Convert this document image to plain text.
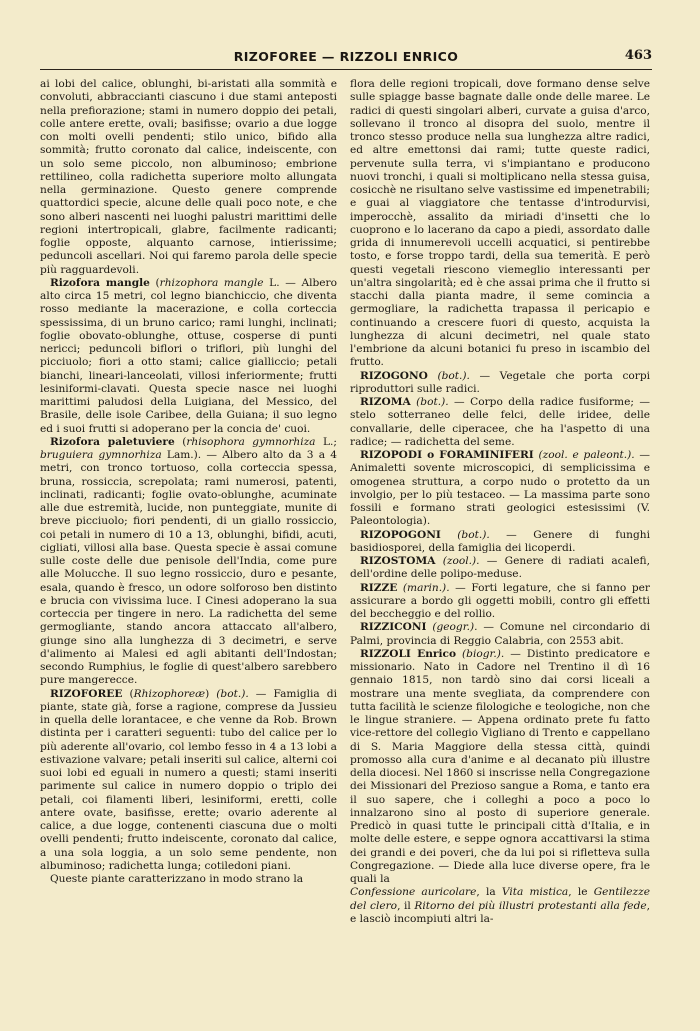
RIZOFOREE — RIZZOLI ENRICO	463

ai lobi del calice, oblunghi, bi-aristati alla sommità e convoluti, abbraccianti ciascuno i due stami anteposti nella prefiorazione; stami in numero doppio dei petali, colle antere erette, ovali; basifisse; ovario a due logge con molti ovelli pendenti; stilo unico, bifido alla sommità; frutto coronato dal calice, indeiscente, con un solo seme piccolo, non albuminoso; embrione rettilineo, colla radichetta superiore molto allungata nella germinazione. Questo genere comprende quattordici specie, alcune delle quali poco note, e che sono alberi nascenti nei luoghi palustri marittimi delle regioni intertropicali, glabre, facilmente radicanti; foglie opposte, alquanto carnose, intierissime; peduncoli ascellari. Noi qui faremo parola delle specie più ragguardevoli.

Rizofora mangle (rhizophora mangle L. — Albero alto circa 15 metri, col legno bianchiccio, che diventa rosso mediante la macerazione, e colla corteccia spessissima, di un bruno carico; rami lunghi, inclinati; foglie obovato-oblunghe, ottuse, cosperse di punti nericci; peduncoli biflori o triflori, più lunghi del picciuolo; fiori a otto stami; calice gialliccio; petali bianchi, lineari-lanceolati, villosi inferiormente; frutti lesiniformi-clavati. Questa specie nasce nei luoghi marittimi paludosi della Luigiana, del Messico, del Brasile, delle isole Caribee, della Guiana; il suo legno ed i suoi frutti si adoperano per la concia de' cuoi.

Rizofora paletuviere (rhisophora gymnorhiza L.; bruguiera gymnorhiza Lam.). — Albero alto da 3 a 4 metri, con tronco tortuoso, colla corteccia spessa, bruna, rossiccia, screpolata; rami numerosi, patenti, inclinati, radicanti; foglie ovato-oblunghe, acuminate alle due estremità, lucide, non punteggiate, munite di breve picciuolo; fiori pendenti, di un giallo rossiccio, coi petali in numero di 10 a 13, oblunghi, bifidi, acuti, cigliati, villosi alla base. Questa specie è assai comune sulle coste delle due penisole dell'India, come pure alle Molucche. Il suo legno rossiccio, duro e pesante, esala, quando è fresco, un odore solforoso ben distinto e brucia con vivissima luce. I Cinesi adoperano la sua corteccia per tingere in nero. La radichetta del seme germogliante, stando ancora attaccato all'albero, giunge sino alla lunghezza di 3 decimetri, e serve d'alimento ai Malesi ed agli abitanti dell'Indostan; secondo Rumphius, le foglie di quest'albero sarebbero pure mangerecce.

RIZOFOREE (Rhizophoreæ) (bot.). — Famiglia di piante, state già, forse a ragione, comprese da Jussieu in quella delle lorantacee, e che venne da Rob. Brown distinta per i caratteri seguenti: tubo del calice per lo più aderente all'ovario, col lembo fesso in 4 a 13 lobi a estivazione valvare; petali inseriti sul calice, alterni coi suoi lobi ed eguali in numero a questi; stami inseriti parimente sul calice in numero doppio o triplo dei petali, coi filamenti liberi, lesiniformi, eretti, colle antere ovate, basifisse, erette; ovario aderente al calice, a due logge, contenenti ciascuna due o molti ovelli pendenti; frutto indeiscente, coronato dal calice, a una sola loggia, a un solo seme pendente, non albuminoso; radichetta lunga; cotiledoni piani.

Queste piante caratterizzano in modo strano la

flora delle regioni tropicali, dove formano dense selve sulle spiagge basse bagnate dalle onde delle maree. Le radici di questi singolari alberi, curvate a guisa d'arco, sollevano il tronco al disopra del suolo, mentre il tronco stesso produce nella sua lunghezza altre radici, ed altre emettonsi dai rami; tutte queste radici, pervenute sulla terra, vi s'impiantano e producono nuovi tronchi, i quali si moltiplicano nella stessa guisa, cosicchè ne risultano selve vastissime ed impenetrabili; e guai al viaggiatore che tentasse d'introdurvisi, imperocchè, assalito da miriadi d'insetti che lo cuoprono e lo lacerano da capo a piedi, assordato dalle grida di innumerevoli uccelli acquatici, si pentirebbe tosto, e forse troppo tardi, della sua temerità. E però questi vegetali riescono viemeglio interessanti per un'altra singolarità; ed è che assai prima che il frutto si stacchi dalla pianta madre, il seme comincia a germogliare, la radichetta trapassa il pericapio e continuando a crescere fuori di questo, acquista la lunghezza di alcuni decimetri, nel quale stato l'embrione da alcuni botanici fu preso in iscambio del frutto.

RIZOGONO (bot.). — Vegetale che porta corpi riproduttori sulle radici.

RIZOMA (bot.). — Corpo della radice fusiforme; — stelo sotterraneo delle felci, delle iridee, delle convallarie, delle ciperacee, che ha l'aspetto di una radice; — radichetta del seme.

RIZOPODI o FORAMINIFERI (zool. e paleont.). — Animaletti sovente microscopici, di semplicissima e omogenea struttura, a corpo nudo o protetto da un involgio, per lo più testaceo. — La massima parte sono fossili e formano strati geologici estesissimi (V. Paleontologia).

RIZOPOGONI (bot.). — Genere di funghi basidiosporei, della famiglia dei licoperdi.

RIZOSTOMA (zool.). — Genere di radiati acalefi, dell'ordine delle polipo-meduse.

RIZZE (marin.). — Forti legature, che si fanno per assicurare a bordo gli oggetti mobili, contro gli effetti del beccheggio e del rollio.

RIZZICONI (geogr.). — Comune nel circondario di Palmi, provincia di Reggio Calabria, con 2553 abit.

RIZZOLI Enrico (biogr.). — Distinto predicatore e missionario. Nato in Cadore nel Trentino il dì 16 gennaio 1815, non tardò sino dai corsi liceali a mostrare una mente svegliata, da comprendere con tutta facilità le scienze filologiche e teologiche, non che le lingue straniere. — Appena ordinato prete fu fatto vice-rettore del collegio Vigliano di Trento e cappellano di S. Maria Maggiore della stessa città, quindi promosso alla cura d'anime e al decanato più illustre della diocesi. Nel 1860 si inscrisse nella Congregazione dei Missionari del Prezioso sangue a Roma, e tanto era il suo sapere, che i colleghi a poco a poco lo innalzarono sino al posto di superiore generale. Predicò in quasi tutte le principali città d'Italia, e in molte delle estere, e seppe ognora accattivarsi la stima dei grandi e dei poveri, che da lui poi si rifletteva sulla Congregazione. — Diede alla luce diverse opere, fra le quali la

Confessione auricolare, la Vita mistica, le Gentilezze del clero, il Ritorno dei più illustri protestanti alla fede, e lasciò incompiuti altri la-
